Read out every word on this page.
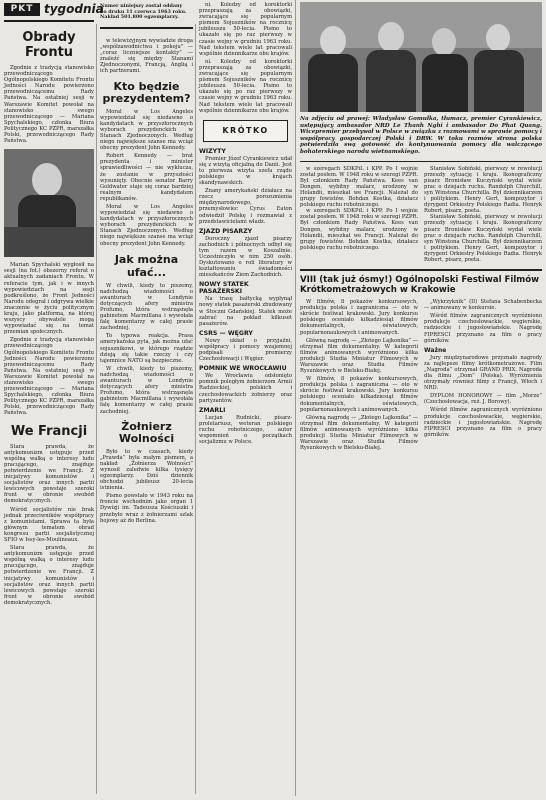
PKT tygodnia
Obrady Frontu

Zgodnie z tradycją stanowisko przewodniczącego Ogólnopolskiego Komitetu Frontu Jedności Narodu powierzono przewodniczącemu Rady Państwa. Na ostatniej sesji w Warszawie Komitet powołał na stanowisko swego przewodniczącego — Mariana Spychalskiego, członka Biura Politycznego KC PZPR, marszałka Polski, przewodniczącego Rady Państwa.

Marian Spychalski wygłosił na sesji (na fot.) obszerny referat o aktualnych zadaniach Frontu. W referacie tym, jak i w innych wypowiedziach na sesji podkreślono, że Front Jedności Narodu odegrał i odgrywa wielkie znaczenie w życiu politycznym kraju, jako platforma, na której wszyscy obywatele mogą wypowiadać się na temat przemian społecznych.

Zgodnie z tradycją stanowisko przewodniczącego Ogólnopolskiego Komitetu Frontu Jedności Narodu powierzono przewodniczącemu Rady Państwa. Na ostatniej sesji w Warszawie Komitet powołał na stanowisko swego przewodniczącego — Mariana Spychalskiego, członka Biura Politycznego KC PZPR, marszałka Polski, przewodniczącego Rady Państwa.

We Francji

Stara prawda, że antykomunizm ustępuje przed wspólną walką o interesy ludu pracującego, znajduje potwierdzenie we Francji. Z inicjatywy komunistów i socjalistów oraz innych partii lewicowych powstaje szeroki front w obronie swobód demokratycznych.

Wśród socjalistów nie brak jednak przeciwników współpracy z komunistami. Sprawa ta była głównym tematem obrad kongresu partii socjalistycznej SFIO w Issy-les-Moulineaux.

Stara prawda, że antykomunizm ustępuje przed wspólną walką o interesy ludu pracującego, znajduje potwierdzenie we Francji. Z inicjatywy komunistów i socjalistów oraz innych partii lewicowych powstaje szeroki front w obronie swobód demokratycznych.

Numer niniejszy został oddany
do druku 11 czerwca 1963 roku.
Nakład 501.800 egzemplarzy.

w telewizyjnym wywiadzie droga „współzawodnictwa i pokoju" — „coraz liczniejsze kontakty” — znaleźć się między Stanami Zjednoczonymi, Francją, Anglią i ich partnerami.

Kto będzie prezydentem?

Moral w Los Angeles wypowiedział się niedawno o kandydatach w przyszłorocznych wyborach prezydenckich w Stanach Zjednoczonych. Według niego największe szanse ma wciąż obecny prezydent John Kennedy.

Robert Kennedy — brat prezydenta i minister sprawiedliwości — nie wyklucza, że zostanie w przyszłości wysunięty. Obecnie senator Barry Goldwater staje się coraz bardziej realnym kandydatem republikanów.

Moral w Los Angeles wypowiedział się niedawno o kandydatach w przyszłorocznych wyborach prezydenckich w Stanach Zjednoczonych. Według niego największe szanse ma wciąż obecny prezydent John Kennedy.

Jak można ufać...

W chwili, kiedy to piszemy, nadchodzą wiadomości o awanturach w Londynie dotyczących afery ministra Profumo, która wstrząsnęła gabinetem Macmillana i wywołała falę komentarzy w całej prasie zachodniej.

To typowa reakcja. Prasa amerykańska pyta, jak można ufać sojusznikowi, w którego rządzie dzieją się takie rzeczy i czy tajemnice NATO są bezpieczne.

W chwili, kiedy to piszemy, nadchodzą wiadomości o awanturach w Londynie dotyczących afery ministra Profumo, która wstrząsnęła gabinetem Macmillana i wywołała falę komentarzy w całej prasie zachodniej.

Żołnierz Wolności

Było to w czasach, kiedy „Prawda” była małym pismem, a nakład „Żołnierza Wolności” wynosił zaledwie kilka tysięcy egzemplarzy. Dziś dziennik obchodzi jubileusz 20-lecia istnienia.

Pismo powstało w 1943 roku na froncie wschodnim jako organ 1 Dywizji im. Tadeusza Kościuszki i przebyło wraz z żołnierzami szlak bojowy aż do Berlina.

ni. Koledzy od korektorki przepraszają za obowiązki, zwracające się popularnym pismem Sojuszników na rocznicę jubileuszu 50-lecia. Pismo to ukazało się po raz pierwszy w czasie wojny w grudniu 1963 roku. Nad tekstem wiele lat pracowali wspólnie dziennikarze obu krajów.

ni. Koledzy od korektorki przepraszają za obowiązki, zwracające się popularnym pismem Sojuszników na rocznicę jubileuszu 50-lecia. Pismo to ukazało się po raz pierwszy w czasie wojny w grudniu 1963 roku. Nad tekstem wiele lat pracowali wspólnie dziennikarze obu krajów.

KRÓTKO
WIZYTY

Premier Józef Cyrankiewicz udał się z wizytą oficjalną do Danii. Jest to pierwsza wizyta szefa rządu polskiego w krajach skandynawskich.

Znany amerykański działacz na rzecz porozumienia międzynarodowego, przemysłowiec Cyrus Eaton odwiedził Polskę i rozmawiał z przedstawicielami władz.

ZJAZD PISARZY

Doroczny zjazd pisarzy zachodnich i północnych odbył się tym razem w Koszalinie. Uczestniczyło w nim 250 osób. Dyskutowano o roli literatury w kształtowaniu świadomości mieszkańców Ziem Zachodnich.

NOWY STATEK PASAŻERSKI

Na trasę bałtycką wypłynął nowy statek pasażerski zbudowany w Stoczni Gdańskiej. Statek może zabrać na pokład kilkuset pasażerów.

CSRS — WĘGRY

Nowy układ o przyjaźni, współpracy i pomocy wzajemnej podpisali premierzy Czechosłowacji i Węgier.

POMNIK WE WROCŁAWIU

We Wrocławiu odsłonięto pomnik poległym żołnierzom Armii Radzieckiej, polskich i czechosłowackich żołnierzy oraz partyzantów.

ZMARLI

Lucjan Rudnicki, pisarz-proletariusz, weteran polskiego ruchu robotniczego, autor wspomnień o początkach socjalizmu w Polsce.

Na zdjęciu od prawej: Władysław Gomułka, tłumacz, premier Cyrankiewicz, ustępujący ambasador NRD Le Thanh Nghi i ambasador Do Phat Quang. Wicepremier przebywał w Polsce w związku z rozmowami w sprawie pomocy i współpracy gospodarczej Polski i DRW. W toku rozmów strona polska potwierdziła swą gotowość do kontynuowania pomocy dla walczącego bohaterskiego narodu wietnamskiego.

w szeregach SDKPiL i KPP. Po I wojnie został posłem. W 1948 roku w szeregi PZPR. Był członkiem Rady Państwa. Kees van Dongen, wybitny malarz, urodzony w Holandii, mieszkał we Francji. Należał do grupy fowistów. Bohdan Kostka, działacz polskiego ruchu robotniczego.

w szeregach SDKPiL i KPP. Po I wojnie został posłem. W 1948 roku w szeregi PZPR. Był członkiem Rady Państwa. Kees van Dongen, wybitny malarz, urodzony w Holandii, mieszkał we Francji. Należał do grupy fowistów. Bohdan Kostka, działacz polskiego ruchu robotniczego.

Stanisław Sobiński, pierwszy w rewolucji przeszły sytuację i kraju. Ikonograficzny pisarz Bronisław Kuczyński wydał wiele prac o dziejach ruchu. Randolph Churchill, syn Winstona Churchilla. Był dziennikarzem i politykiem. Henry Gert, kompozytor i dyrygent Orkiestry Polskiego Radia. Henryk Robert, pisarz, poeta.

Stanisław Sobiński, pierwszy w rewolucji przeszły sytuację i kraju. Ikonograficzny pisarz Bronisław Kuczyński wydał wiele prac o dziejach ruchu. Randolph Churchill, syn Winstona Churchilla. Był dziennikarzem i politykiem. Henry Gert, kompozytor i dyrygent Orkiestry Polskiego Radia. Henryk Robert, pisarz, poeta.

VIII (tak już ósmy!) Ogólnopolski Festiwal Filmów Krótkometrażowych w Krakowie

W filmów, 8 pokazów konkursowych, produkcja polska i zagraniczna — oto w skrócie festiwal krakowski. Jury konkursu polskiego oceniało kilkadziesiąt filmów dokumentalnych, oświatowych, popularnonaukowych i animowanych.

Główną nagrodę — „Złotego Lajkonika” — otrzymał film dokumentalny. W kategorii filmów animowanych wyróżniono kilka produkcji Studia Miniatur Filmowych w Warszawie oraz Studia Filmów Rysunkowych w Bielsku-Białej.

W filmów, 8 pokazów konkursowych, produkcja polska i zagraniczna — oto w skrócie festiwal krakowski. Jury konkursu polskiego oceniało kilkadziesiąt filmów dokumentalnych, oświatowych, popularnonaukowych i animowanych.

Główną nagrodę — „Złotego Lajkonika” — otrzymał film dokumentalny. W kategorii filmów animowanych wyróżniono kilka produkcji Studia Miniatur Filmowych w Warszawie oraz Studia Filmów Rysunkowych w Bielsku-Białej.

„Wykrzyknik” (II) Stefana Schabenbecka — animowany w konkursie.

Wśród filmów zagranicznych wyróżniono produkcje czechosłowackie, węgierskie, radzieckie i jugosłowiańskie. Nagrodę FIPRESCI przyznano za film o pracy górników.

Ważne

Jury międzynarodowe przyznało nagrody za najlepsze filmy krótkometrażowe. Film „Nagroda” otrzymał GRAND PRIX. Nagroda dla filmu „Dom” (Polska). Wyróżnienia otrzymały również filmy z Francji, Włoch i NRD.

DYPLOM HONOROWY — film „Morze” (Czechosłowacja, reż. J. Borowy).

Wśród filmów zagranicznych wyróżniono produkcje czechosłowackie, węgierskie, radzieckie i jugosłowiańskie. Nagrodę FIPRESCI przyznano za film o pracy górników.
